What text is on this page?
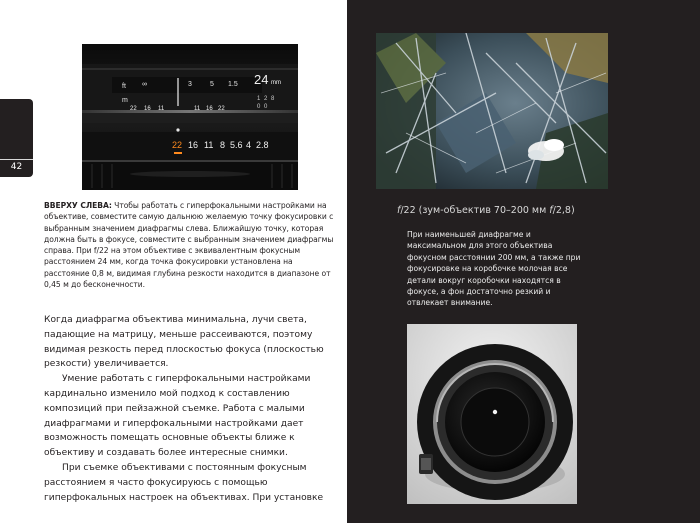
42
ft
m
∞	5
3	1.5
22 16 11	11 16 22
24 mm
1 2 8
0 0
22 16 11 8 5.6 4 2.8
ВВЕРХУ СЛЕВА: Чтобы работать с гиперфокальными настройками на объективе, совместите самую дальнюю желаемую точку фокусировки с выбранным значением диафрагмы слева. Ближайшую точку, которая должна быть в фокусе, совместите с выбранным значением диафрагмы справа. При f/22 на этом объективе с эквивалентным фокусным расстоянием 24 мм, когда точка фокусировки установлена на расстояние 0,8 м, видимая глубина резкости находится в диапазоне от 0,45 м до бесконечности.

Когда диафрагма объектива минимальна, лучи света, падающие на матрицу, меньше рассеиваются, поэтому видимая резкость перед плоскостью фокуса (плоскостью резкости) увеличивается.

Умение работать с гиперфокальными настройками кардинально изменило мой подход к составлению композиций при пейзажной съемке. Работа с малыми диафрагмами и гиперфокальными настройками дает возможность помещать основные объекты ближе к объективу и создавать более интересные снимки.

При съемке объективами с постоянным фокусным расстоянием я часто фокусируюсь с помощью гиперфокальных настроек на объективах. При установке

f/22 (зум-объектив 70–200 мм f/2,8)
При наименьшей диафрагме и максимальном для этого объектива фокусном расстоянии 200 мм, а также при фокусировке на коробочке молочая все детали вокруг коробочки находятся в фокусе, а фон достаточно резкий и отвлекает внимание.
